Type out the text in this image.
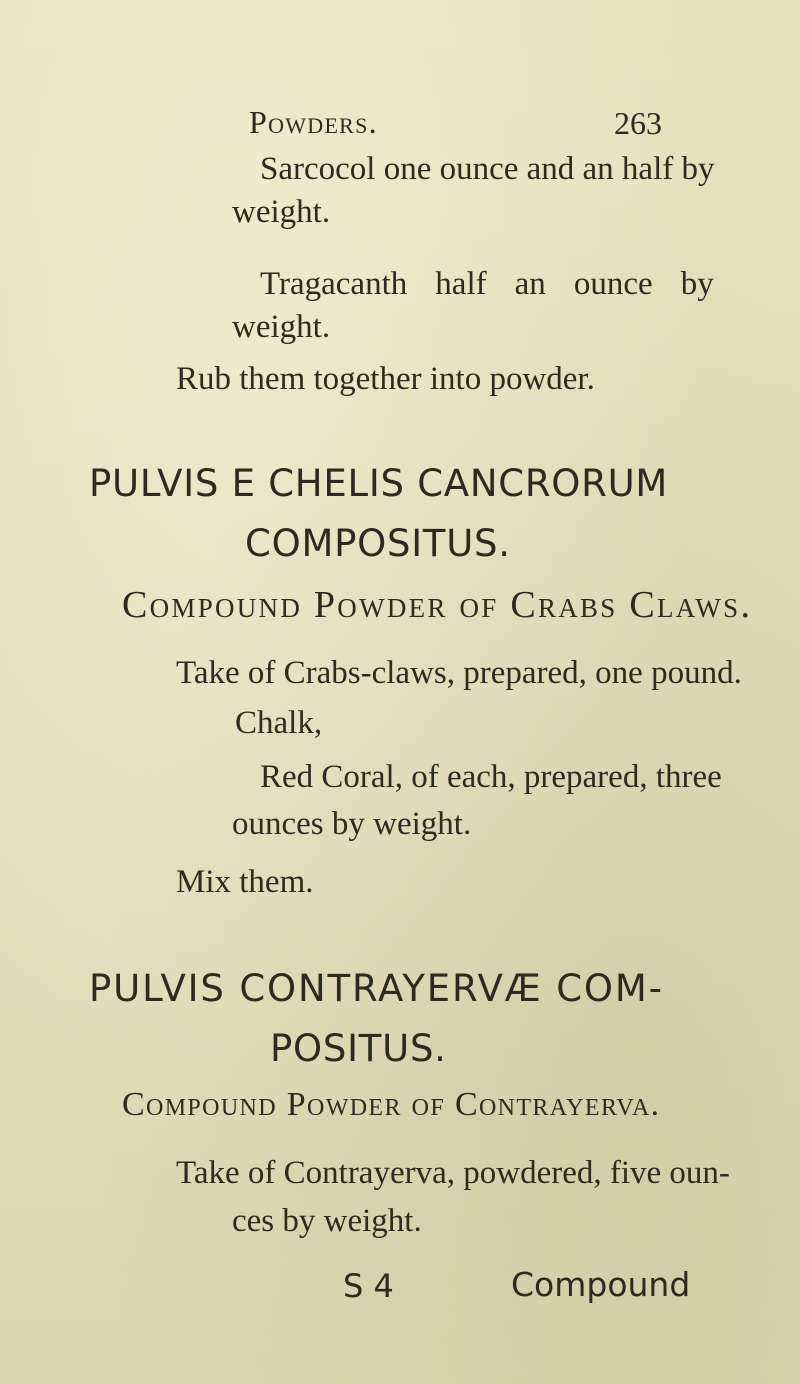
Powders.	263
Sarcocol one ounce and an half by
weight.
Tragacanth half an ounce by
weight.
Rub them together into powder.
PULVIS E CHELIS CANCRORUM
COMPOSITUS.
Compound Powder of Crabs Claws.
Take of Crabs-claws, prepared, one pound.
Chalk,
Red Coral, of each, prepared, three
ounces by weight.
Mix them.
PULVIS CONTRAYERVÆ COM-
POSITUS.
Compound Powder of Contrayerva.
Take of Contrayerva, powdered, five oun-
ces by weight.
S 4	Compound
